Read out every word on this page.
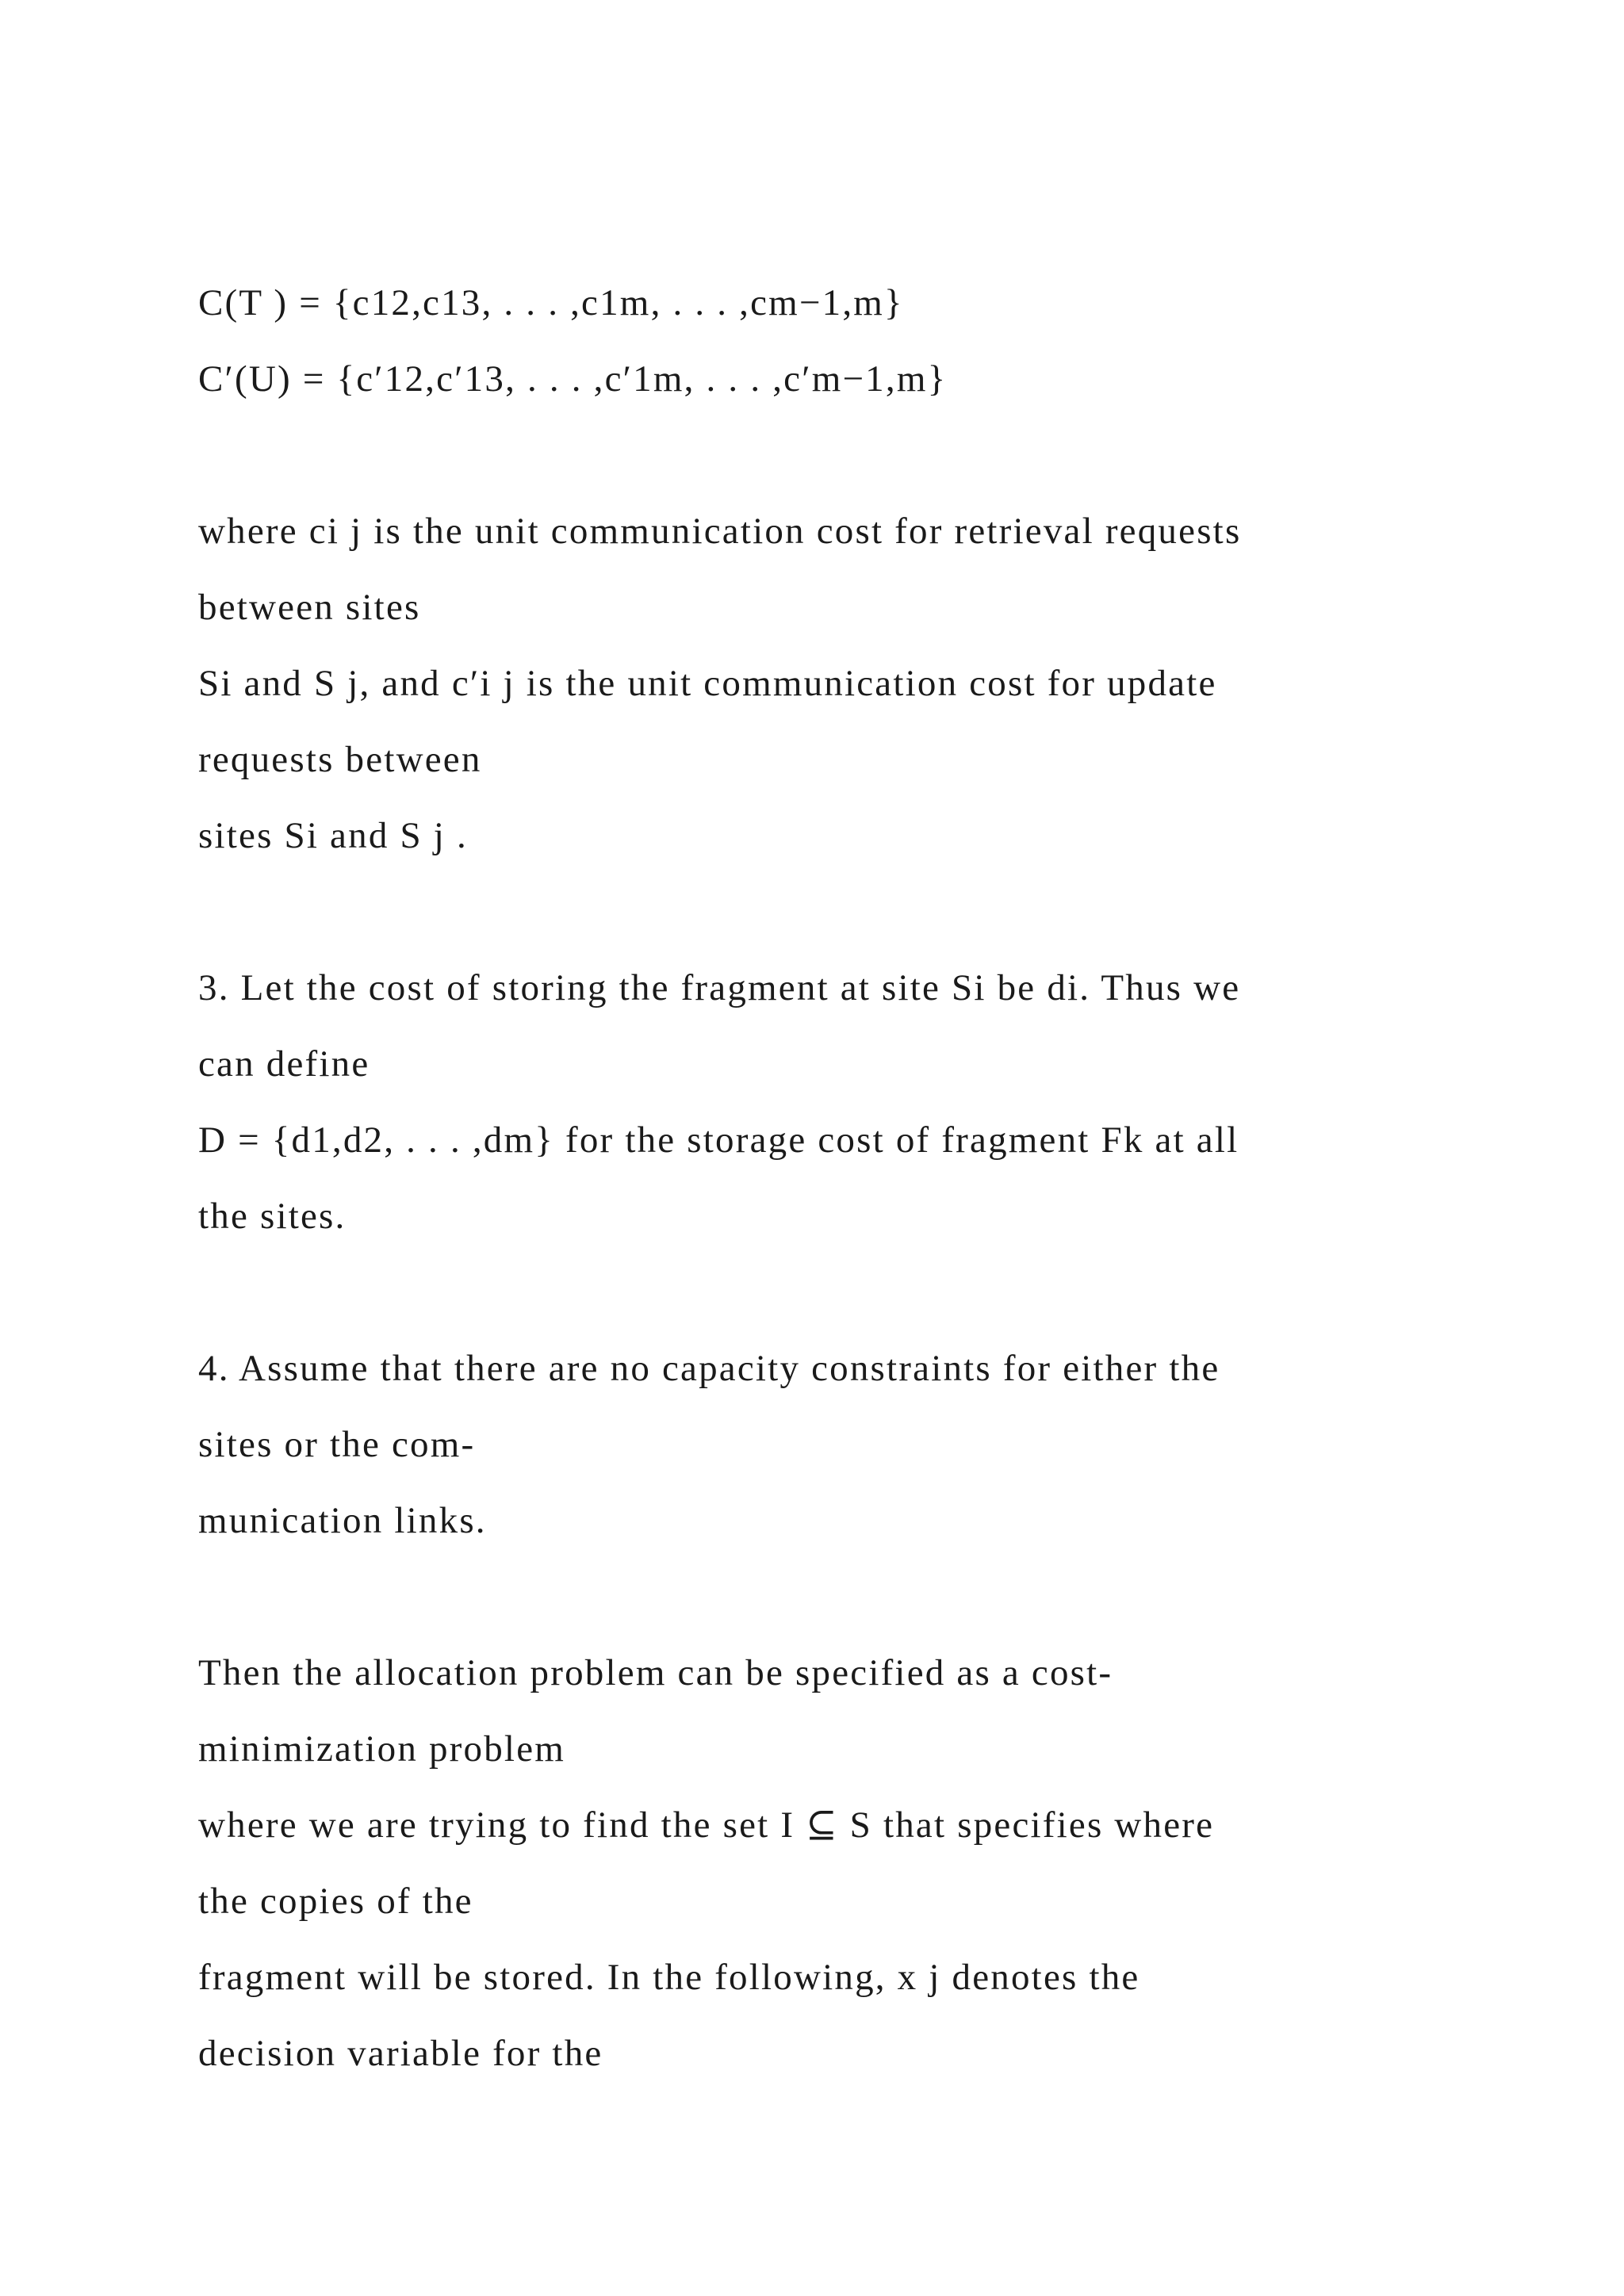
C(T ) = {c12,c13, . . . ,c1m, . . . ,cm−1,m}
C′(U) = {c′12,c′13, . . . ,c′1m, . . . ,c′m−1,m}
where ci j is the unit communication cost for retrieval requests
between sites
Si and S j, and c′i j is the unit communication cost for update
requests between
sites Si and S j .
3. Let the cost of storing the fragment at site Si be di. Thus we
can define
D = {d1,d2, . . . ,dm} for the storage cost of fragment Fk at all
the sites.
4. Assume that there are no capacity constraints for either the
sites or the com-
munication links.
Then the allocation problem can be specified as a cost-
minimization problem
where we are trying to find the set I ⊆ S that specifies where
the copies of the
fragment will be stored. In the following, x j denotes the
decision variable for the
